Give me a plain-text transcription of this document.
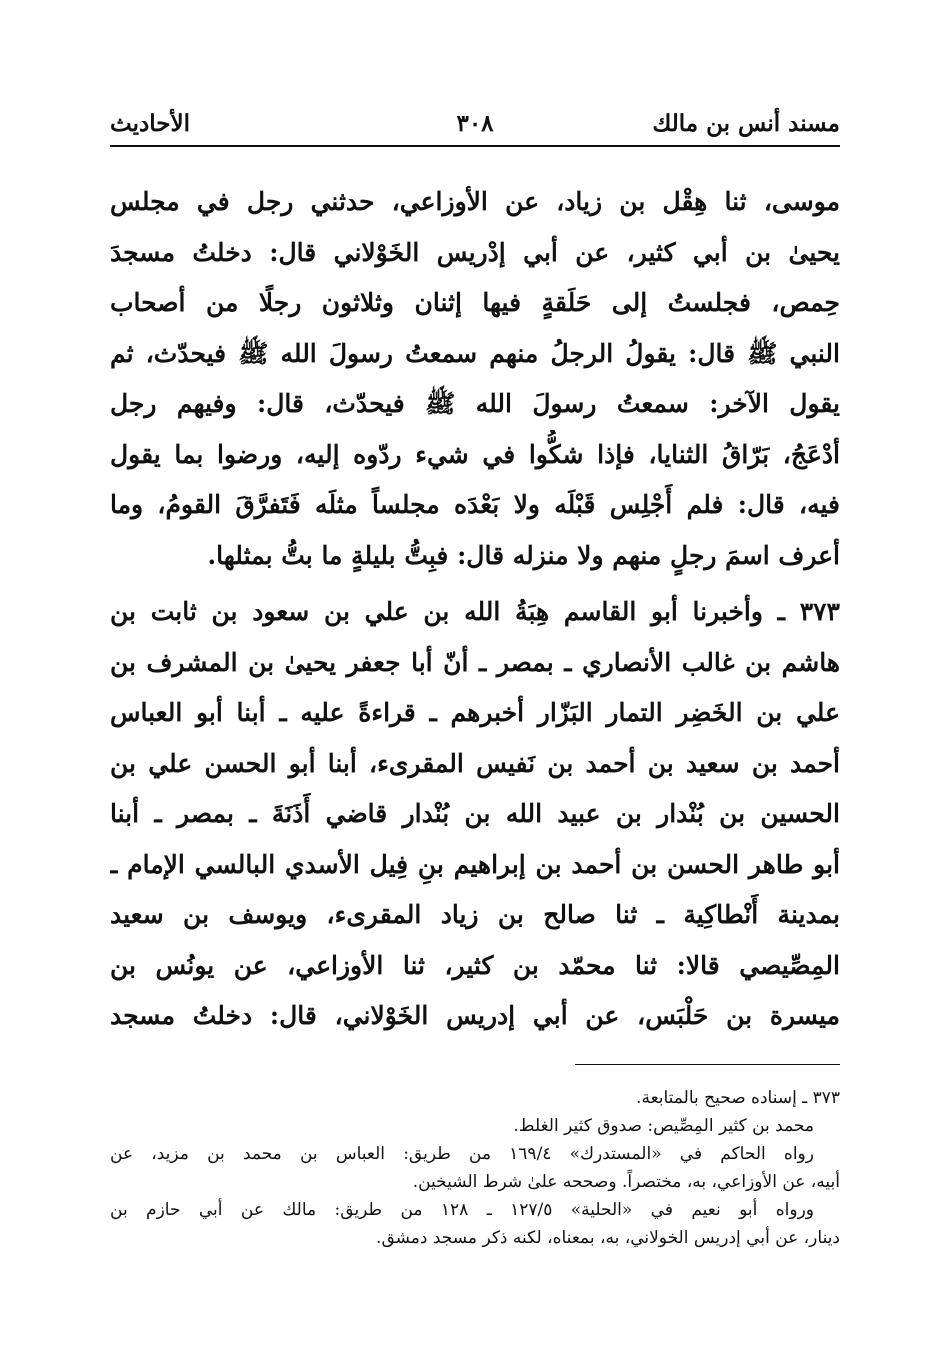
مسند أنس بن مالك
٣٠٨
الأحاديث
موسى، ثنا هِقْل بن زياد، عن الأوزاعي، حدثني رجل في مجلس
يحيىٰ بن أبي كثير، عن أبي إدْريس الخَوْلاني قال: دخلتُ مسجدَ
حِمص، فجلستُ إلى حَلَقةٍ فيها إثنان وثلاثون رجلًا من أصحاب
النبي ﷺ قال: يقولُ الرجلُ منهم سمعتُ رسولَ الله ﷺ فيحدّث، ثم
يقول الآخر: سمعتُ رسولَ الله ﷺ فيحدّث، قال: وفيهم رجل
أدْعَجُ، بَرّاقُ الثنايا، فإذا شكُّوا في شيء ردّوه إليه، ورضوا بما يقول
فيه، قال: فلم أَجْلِس قَبْلَه ولا بَعْدَه مجلساً مثلَه فَتَفرَّقَ القومُ، وما
أعرف اسمَ رجلٍ منهم ولا منزله قال: فبِتُّ بليلةٍ ما بتُّ بمثلها.
٣٧٣ ـ وأخبرنا أبو القاسم هِبَةُ الله بن علي بن سعود بن ثابت بن
هاشم بن غالب الأنصاري ـ بمصر ـ أنّ أبا جعفر يحيىٰ بن المشرف بن
علي بن الخَضِر التمار البَزّار أخبرهم ـ قراءةً عليه ـ أبنا أبو العباس
أحمد بن سعيد بن أحمد بن نَفيس المقرىء، أبنا أبو الحسن علي بن
الحسين بن بُنْدار بن عبيد الله بن بُنْدار قاضي أَذَنَةَ ـ بمصر ـ أبنا
أبو طاهر الحسن بن أحمد بن إبراهيم بنِ فِيل الأسدي البالسي الإمام ـ
بمدينة أَنْطاكِية ـ ثنا صالح بن زياد المقرىء، ويوسف بن سعيد
المِصِّيصي قالا: ثنا محمّد بن كثير، ثنا الأوزاعي، عن يونُس بن
ميسرة بن حَلْبَس، عن أبي إدريس الخَوْلاني، قال: دخلتُ مسجد
٣٧٣ ـ إسناده صحيح بالمتابعة.
محمد بن كثير المِصِّيص: صدوق كثير الغلط.
رواه الحاكم في «المستدرك» ١٦٩/٤ من طريق: العباس بن محمد بن مزيد، عن
أبيه، عن الأوزاعي، به، مختصراً. وصححه علىٰ شرط الشيخين.
ورواه أبو نعيم في «الحلية» ١٢٧/٥ ـ ١٢٨ من طريق: مالك عن أبي حازم بن
دينار، عن أبي إدريس الخولاني، به، بمعناه، لكنه ذكر مسجد دمشق.
